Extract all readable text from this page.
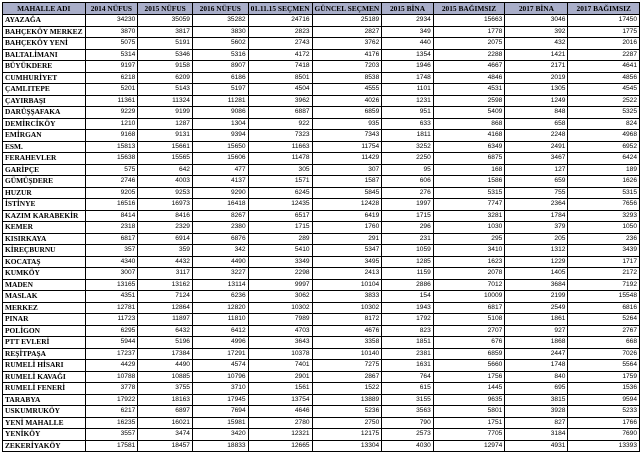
MAHALLE ADI	2014 NÜFUS	2015 NÜFUS	2016 NÜFUS	01.11.15 SEÇMEN	GÜNCEL SEÇMEN	2015 BİNA	2015 BAĞIMSIZ	2017 BİNA	2017 BAĞIMSIZ
AYAZAĞA	34230	35059	35282	24716	25189	2934	15663	3046	17450
BAHÇEKÖY MERKEZ	3870	3817	3830	2823	2827	349	1778	392	1775
BAHÇEKÖY YENİ	5075	5191	5602	2743	3762	440	2075	432	2016
BALTALİMANI	5314	5346	5316	4172	4176	1354	2288	1421	2287
BÜYÜKDERE	9197	9158	8907	7418	7203	1946	4667	2171	4641
CUMHURİYET	6218	6209	6186	8501	8538	1748	4846	2019	4856
ÇAMLITEPE	5201	5143	5197	4504	4555	1101	4531	1305	4545
ÇAYIRBAŞI	11361	11324	11281	3962	4026	1231	2598	1249	2522
DARÜŞŞAFAKA	9229	9199	9086	6887	6859	951	5409	848	5325
DEMİRCİKÖY	1210	1287	1304	922	935	633	868	658	824
EMİRGAN	9168	9131	9394	7323	7343	1811	4168	2248	4968
ESM.	15813	15661	15650	11663	11754	3252	6349	2491	6952
FERAHEVLER	15638	15565	15606	11478	11429	2250	6875	3467	6424
GARİPÇE	575	642	477	305	307	95	168	127	189
GÜMÜŞDERE	2746	4003	4137	1571	1587	606	1586	659	1626
HUZUR	9205	9253	9290	6245	5845	276	5315	755	5315
İSTİNYE	16516	16973	16418	12435	12428	1997	7747	2364	7656
KAZIM KARABEKİR	8414	8416	8267	6517	6419	1715	3281	1784	3293
KEMER	2318	2329	2380	1715	1760	296	1030	379	1050
KISIRKAYA	6817	6914	6876	289	291	231	295	205	236
KİREÇBURNU	357	359	342	5410	5347	1059	3410	1312	3439
KOCATAŞ	4340	4432	4490	3349	3495	1285	1623	1229	1717
KUMKÖY	3007	3117	3227	2298	2413	1159	2078	1405	2172
MADEN	13165	13162	13114	9997	10104	2886	7012	3684	7192
MASLAK	4351	7124	6236	3062	3833	154	10009	2199	15548
MERKEZ	12781	12864	12820	10302	10302	1943	6817	2549	6816
PINAR	11723	11897	11810	7989	8172	1792	5108	1861	5264
POLİGON	6295	6432	6412	4703	4676	823	2707	927	2767
PTT EVLERİ	5944	5196	4996	3643	3358	1851	676	1868	668
REŞİTPAŞA	17237	17384	17291	10378	10140	2381	6859	2447	7026
RUMELİ HİSARI	4429	4490	4574	7401	7275	1631	5660	1748	5564
RUMELİ KAVAĞI	10788	10885	10796	2901	2867	764	1756	840	1759
RUMELİ FENERİ	3778	3755	3710	1561	1522	615	1445	695	1536
TARABYA	17922	18163	17945	13754	13889	3155	9635	3815	9594
USKUMRUKÖY	6217	6897	7694	4646	5236	3563	5801	3928	5233
YENİ MAHALLE	16235	16021	15981	2780	2750	790	1751	827	1766
YENİKÖY	3557	3474	3420	12321	12175	2573	7705	3184	7690
ZEKERİYAKÖY	17581	18457	18833	12665	13304	4030	12974	4931	13393
